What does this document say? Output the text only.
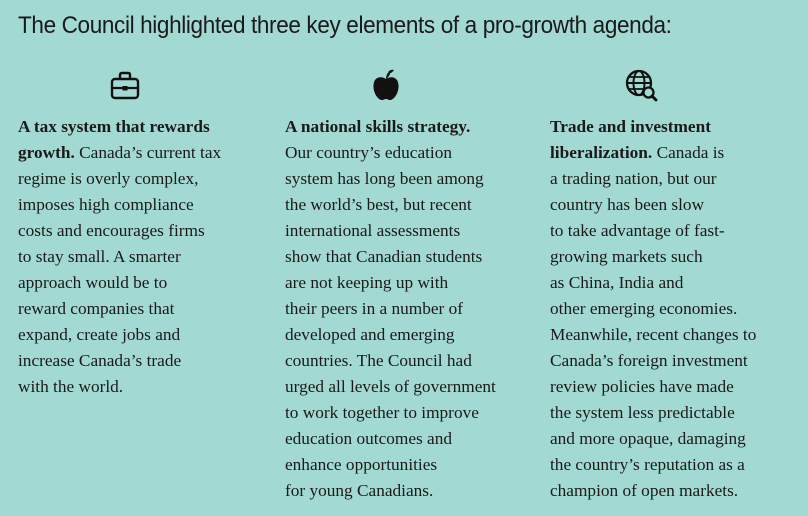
The Council highlighted three key elements of a pro-growth agenda:
A tax system that rewards
growth. Canada’s current tax
regime is overly complex,
imposes high compliance
costs and encourages firms
to stay small. A smarter
approach would be to
reward companies that
expand, create jobs and
increase Canada’s trade
with the world.
A national skills strategy.
Our country’s education
system has long been among
the world’s best, but recent
international assessments
show that Canadian students
are not keeping up with
their peers in a number of
developed and emerging
countries. The Council had
urged all levels of government
to work together to improve
education outcomes and
enhance opportunities
for young Canadians.
Trade and investment
liberalization. Canada is
a trading nation, but our
country has been slow
to take advantage of fast-
growing markets such
as China, India and
other emerging economies.
Meanwhile, recent changes to
Canada’s foreign investment
review policies have made
the system less predictable
and more opaque, damaging
the country’s reputation as a
champion of open markets.
